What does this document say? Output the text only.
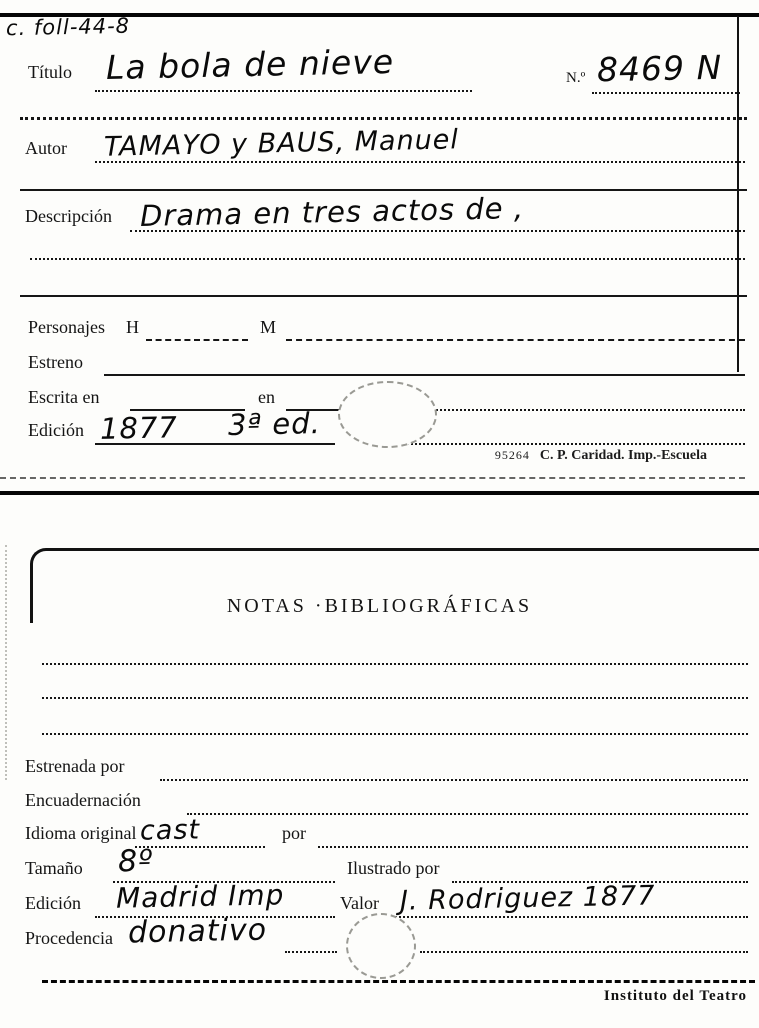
c. foll-44-8
Título La bola de nieve	N.º 8469 N
Autor TAMAYO y BAUS, Manuel
Descripción Drama en tres actos de ,
Personajes H	M
Estreno
Escrita en	en
Edición 1877 3ª ed.
95264 C. P. Caridad. Imp.-Escuela
NOTAS ·BIBLIOGRÁFICAS
Estrenada por
Encuadernación
Idioma original cast	por
Tamaño 8º	Ilustrado por
Edición Madrid Imp	Valor J. Rodriguez 1877
Procedencia donativo
Instituto del Teatro
